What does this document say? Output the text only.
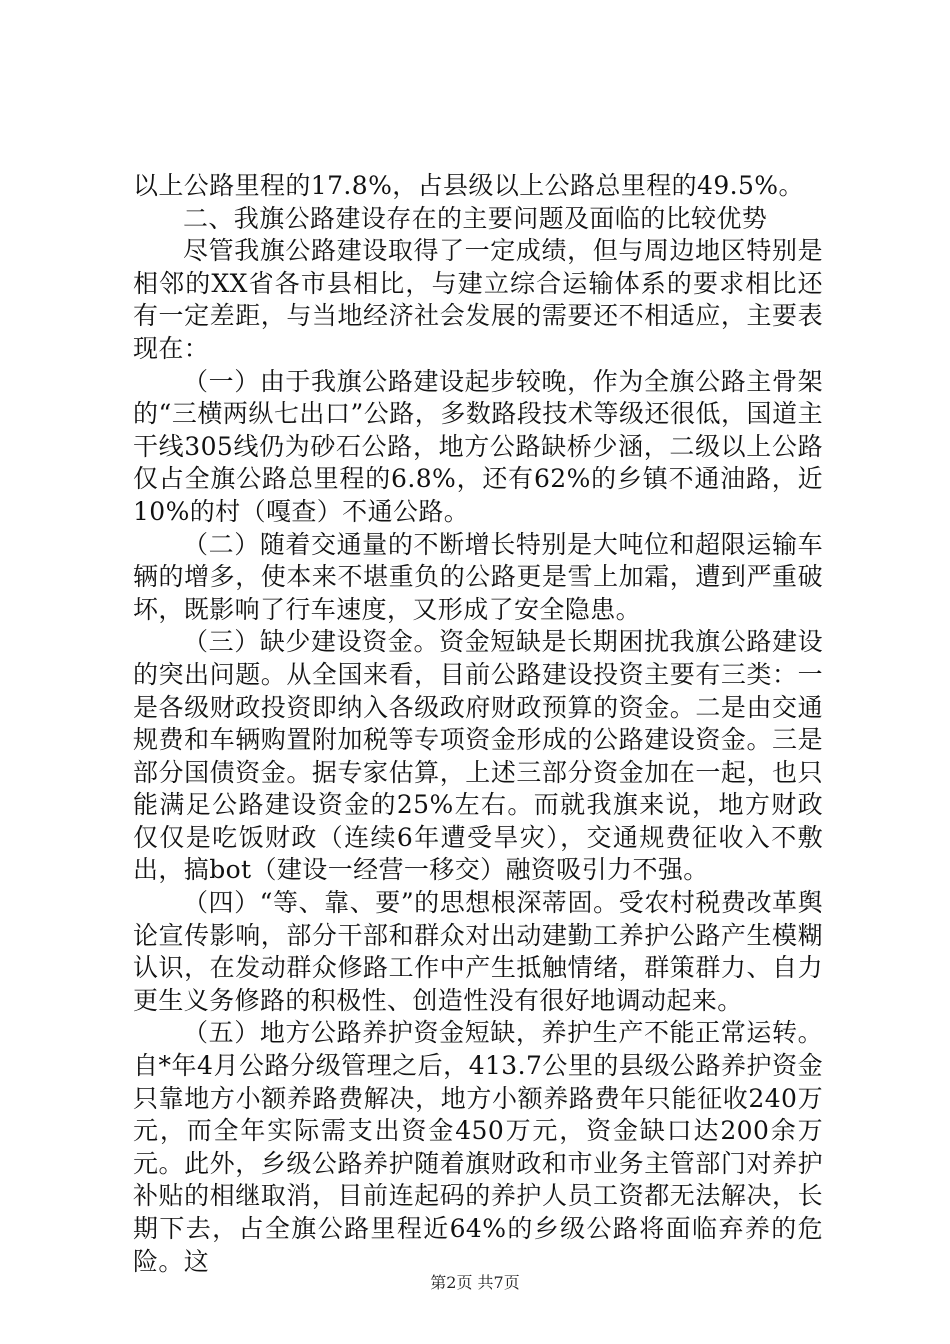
以上公路里程的17.8%，占县级以上公路总里程的49.5%。

二、我旗公路建设存在的主要问题及面临的比较优势

尽管我旗公路建设取得了一定成绩，但与周边地区特别是相邻的XX省各市县相比，与建立综合运输体系的要求相比还有一定差距，与当地经济社会发展的需要还不相适应，主要表现在：

（一）由于我旗公路建设起步较晚，作为全旗公路主骨架的“三横两纵七出口”公路，多数路段技术等级还很低，国道主干线305线仍为砂石公路，地方公路缺桥少涵，二级以上公路仅占全旗公路总里程的6.8%，还有62%的乡镇不通油路，近10%的村（嘎查）不通公路。

（二）随着交通量的不断增长特别是大吨位和超限运输车辆的增多，使本来不堪重负的公路更是雪上加霜，遭到严重破坏，既影响了行车速度，又形成了安全隐患。

（三）缺少建设资金。资金短缺是长期困扰我旗公路建设的突出问题。从全国来看，目前公路建设投资主要有三类：一是各级财政投资即纳入各级政府财政预算的资金。二是由交通规费和车辆购置附加税等专项资金形成的公路建设资金。三是部分国债资金。据专家估算，上述三部分资金加在一起，也只能满足公路建设资金的25%左右。而就我旗来说，地方财政仅仅是吃饭财政（连续6年遭受旱灾），交通规费征收入不敷出，搞bot（建设一经营一移交）融资吸引力不强。

（四）“等、靠、要”的思想根深蒂固。受农村税费改革舆论宣传影响，部分干部和群众对出动建勤工养护公路产生模糊认识，在发动群众修路工作中产生抵触情绪，群策群力、自力更生义务修路的积极性、创造性没有很好地调动起来。

（五）地方公路养护资金短缺，养护生产不能正常运转。自*年4月公路分级管理之后，413.7公里的县级公路养护资金只靠地方小额养路费解决，地方小额养路费年只能征收240万元，而全年实际需支出资金450万元，资金缺口达200余万元。此外，乡级公路养护随着旗财政和市业务主管部门对养护补贴的相继取消，目前连起码的养护人员工资都无法解决，长期下去，占全旗公路里程近64%的乡级公路将面临弃养的危险。这

第2页 共7页
